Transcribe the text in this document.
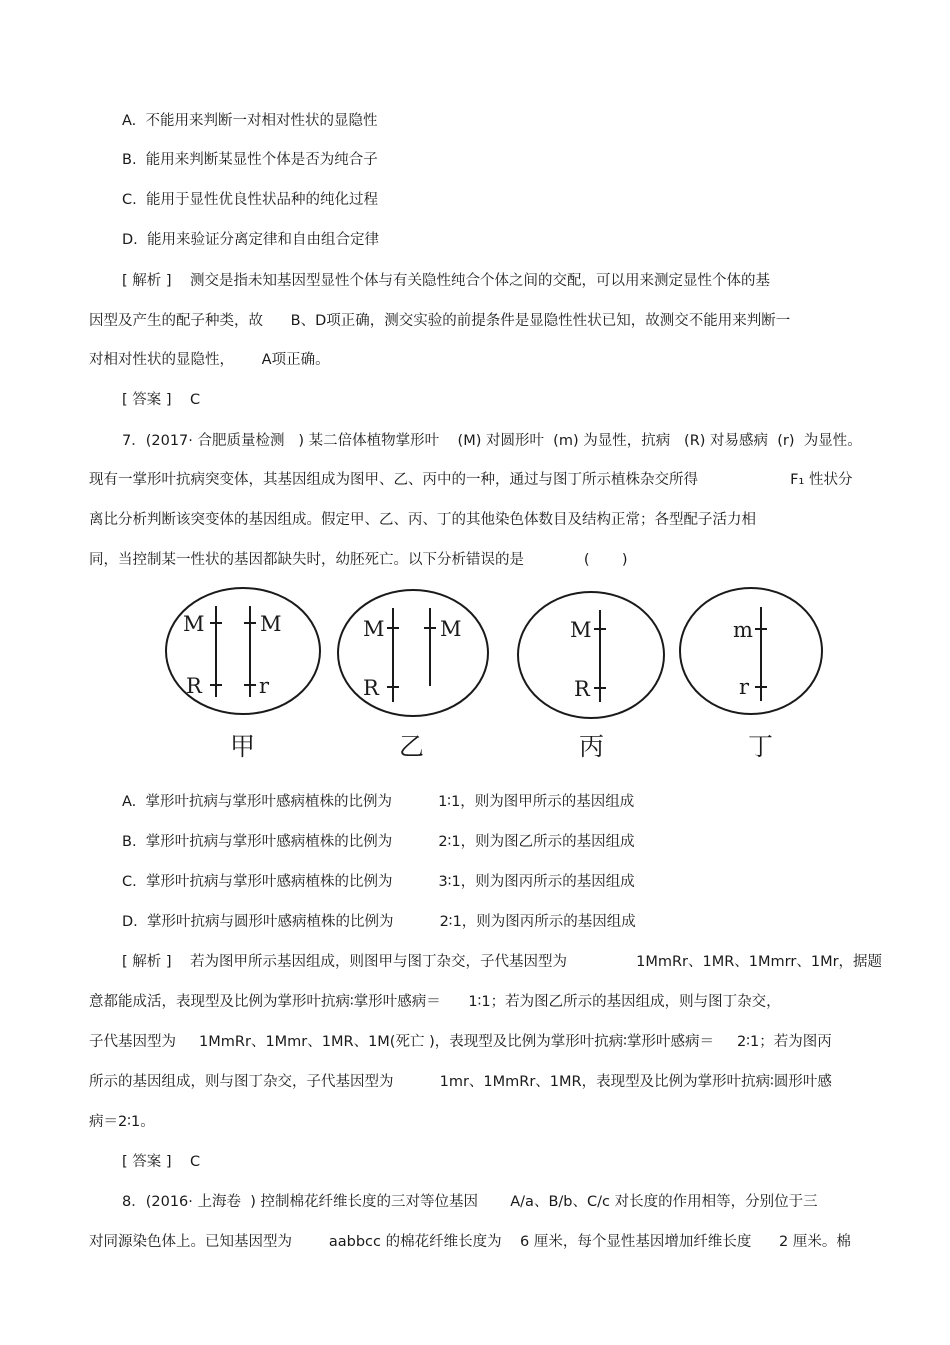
A.  不能用来判断一对相对性状的显隐性
B.  能用来判断某显性个体是否为纯合子
C.  能用于显性优良性状品种的纯化过程
D.  能用来验证分离定律和自由组合定律
[ 解析 ]    测交是指未知基因型显性个体与有关隐性纯合个体之间的交配，可以用来测定显性个体的基
因型及产生的配子种类，故      B、D项正确，测交实验的前提条件是显隐性性状已知，故测交不能用来判断一
对相对性状的显隐性，      A项正确。
[ 答案 ]    C
7．(2017· 合肥质量检测   ) 某二倍体植物掌形叶    (M) 对圆形叶  (m) 为显性，抗病   (R) 对易感病  (r)  为显性。
现有一掌形叶抗病突变体，其基因组成为图甲、乙、丙中的一种，通过与图丁所示植株杂交所得                    F₁ 性状分
离比分析判断该突变体的基因组成。假定甲、乙、丙、丁的其他染色体数目及结构正常；各型配子活力相
同，当控制某一性状的基因都缺失时，幼胚死亡。以下分析错误的是             (       )
M	M
R	r
M	M
R
M
R
m
r
甲	乙	丙	丁
A.  掌形叶抗病与掌形叶感病植株的比例为          1∶1，则为图甲所示的基因组成
B.  掌形叶抗病与掌形叶感病植株的比例为          2∶1，则为图乙所示的基因组成
C.  掌形叶抗病与掌形叶感病植株的比例为          3∶1，则为图丙所示的基因组成
D.  掌形叶抗病与圆形叶感病植株的比例为          2∶1，则为图丙所示的基因组成
[ 解析 ]    若为图甲所示基因组成，则图甲与图丁杂交，子代基因型为               1MmRr、1MR、1Mmrr、1Mr，据题
意都能成活，表现型及比例为掌形叶抗病∶掌形叶感病＝      1∶1；若为图乙所示的基因组成，则与图丁杂交，
子代基因型为     1MmRr、1Mmr、1MR、1M(死亡 )，表现型及比例为掌形叶抗病∶掌形叶感病＝     2∶1；若为图丙
所示的基因组成，则与图丁杂交，子代基因型为          1mr、1MmRr、1MR，表现型及比例为掌形叶抗病∶圆形叶感
病＝2∶1。
[ 答案 ]    C
8．(2016· 上海卷  ) 控制棉花纤维长度的三对等位基因       A/a、B/b、C/c 对长度的作用相等，分别位于三
对同源染色体上。已知基因型为        aabbcc 的棉花纤维长度为    6 厘米，每个显性基因增加纤维长度      2 厘米。棉
